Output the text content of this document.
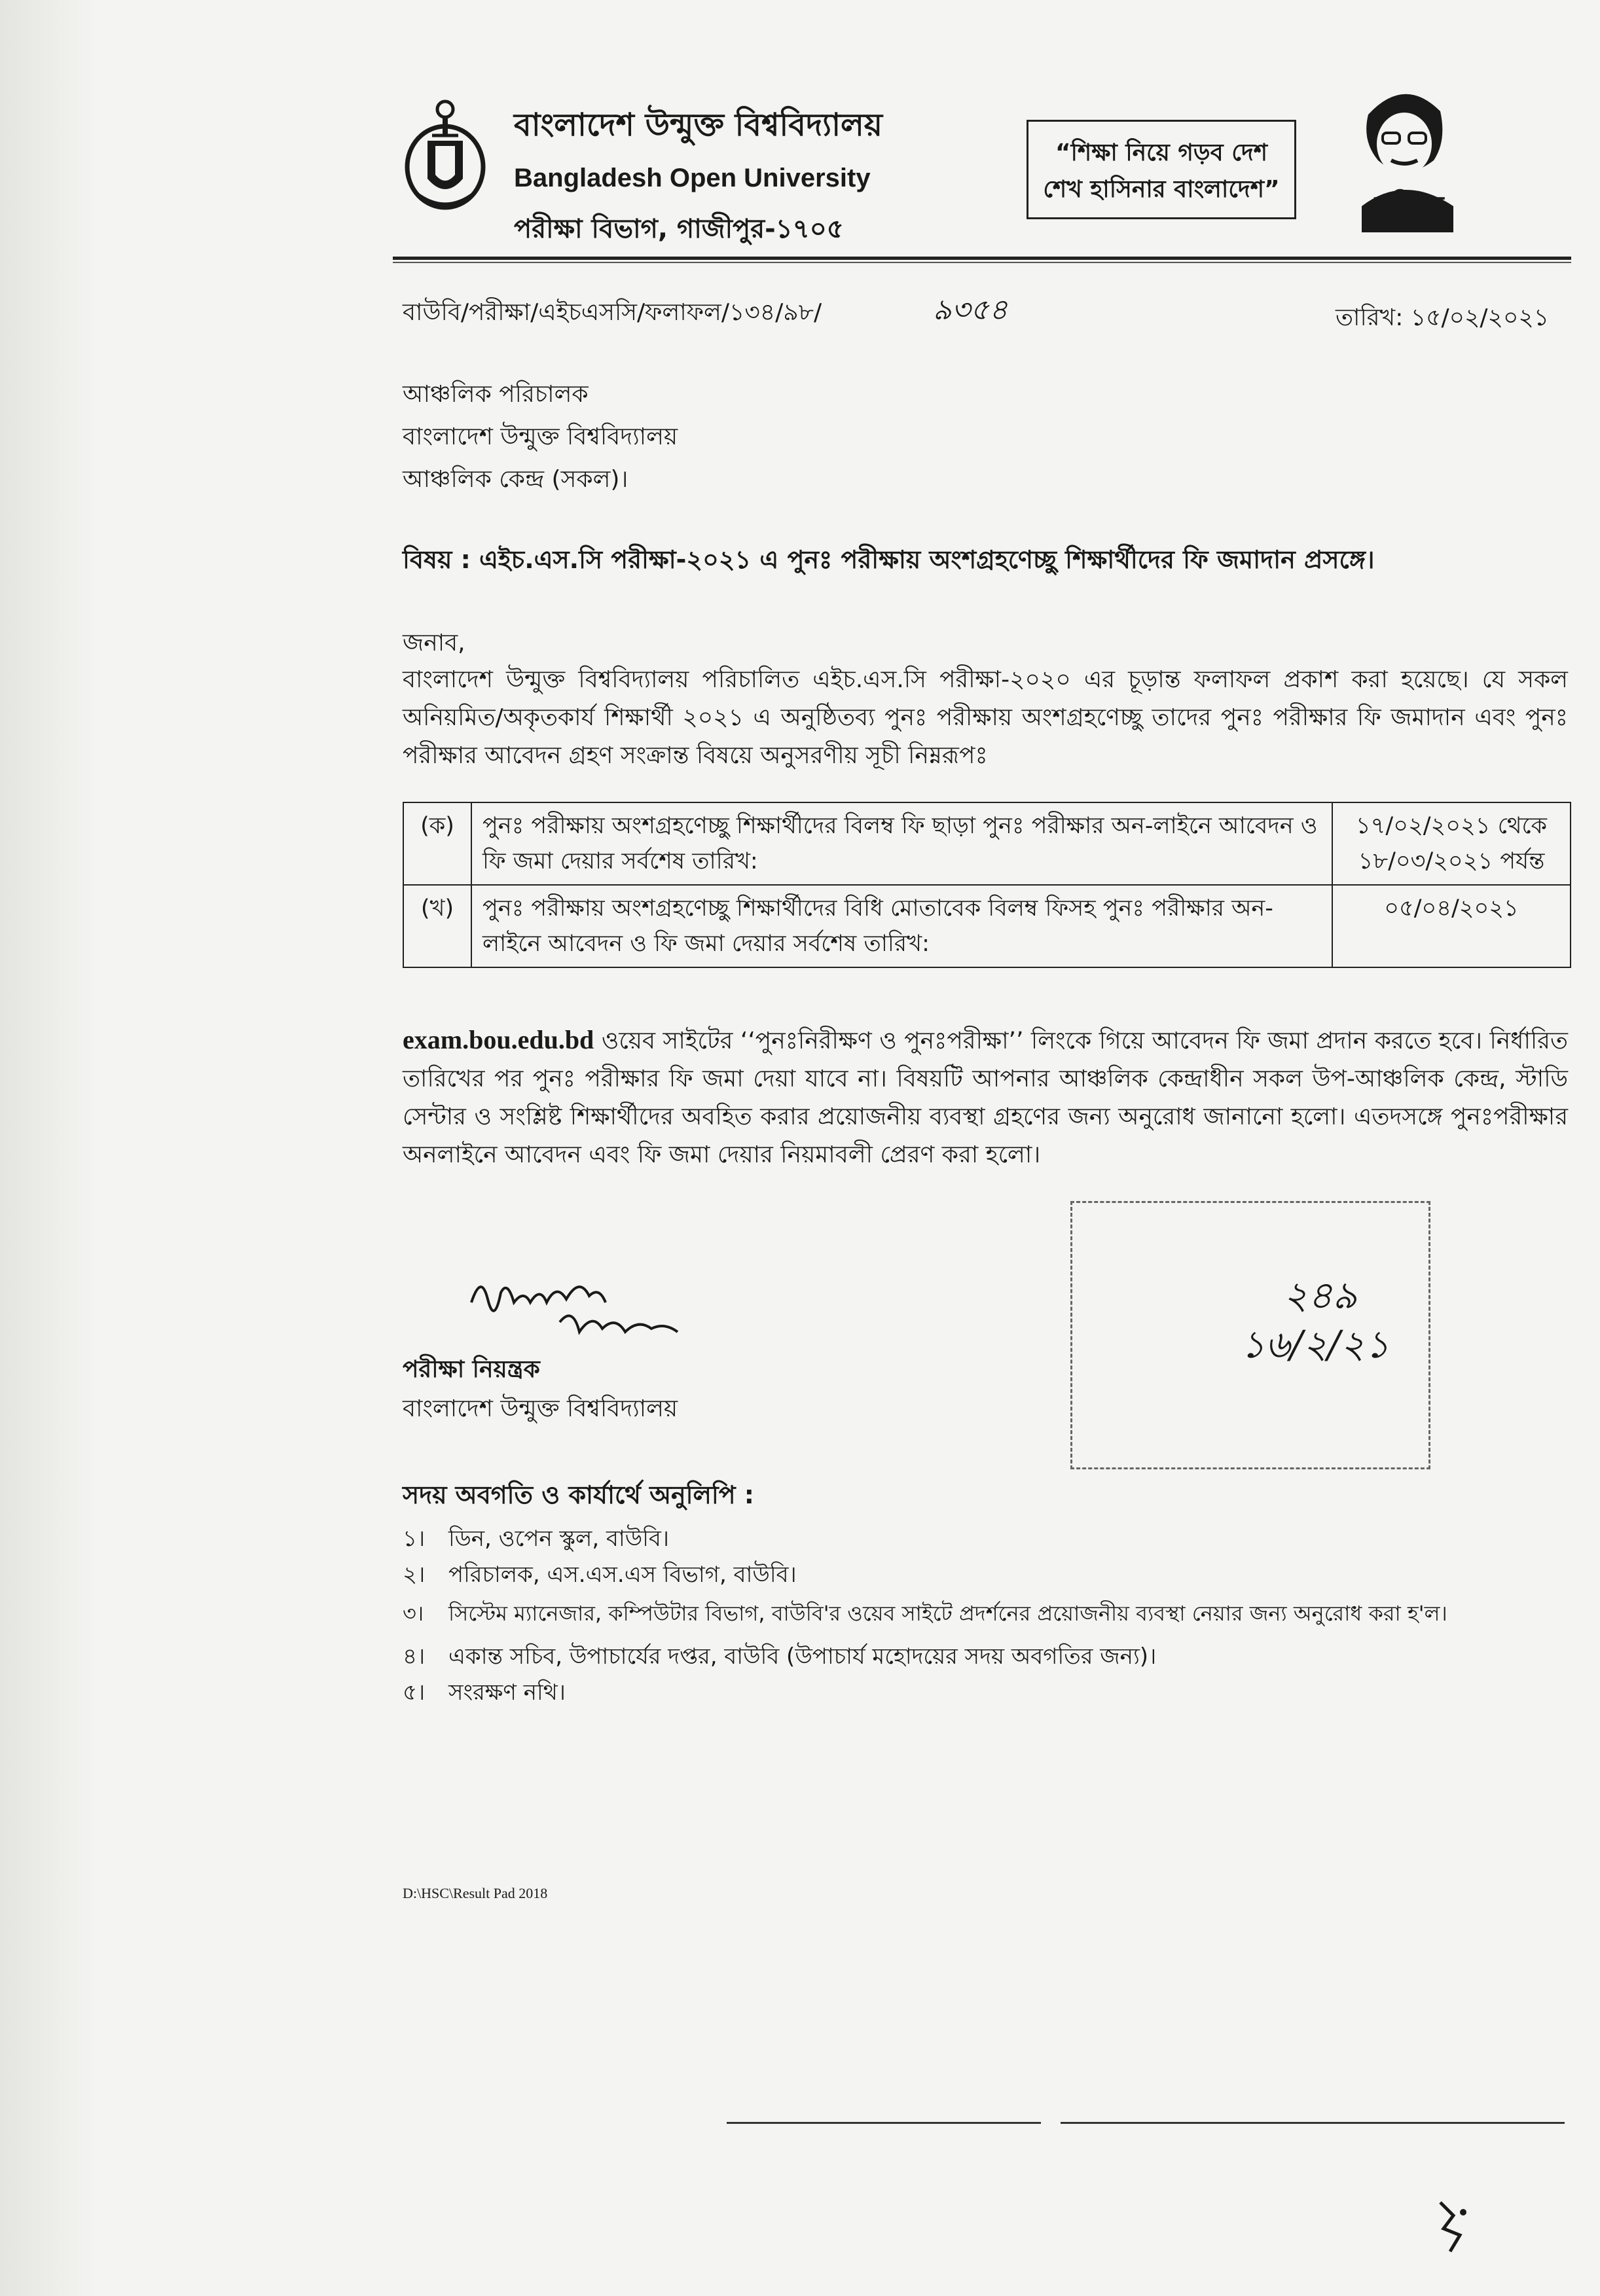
বাংলাদেশ উন্মুক্ত বিশ্ববিদ্যালয়
Bangladesh Open University
পরীক্ষা বিভাগ, গাজীপুর-১৭০৫
“শিক্ষা নিয়ে গড়ব দেশ
শেখ হাসিনার বাংলাদেশ”	মুজিব
বাউবি/পরীক্ষা/এইচএসসি/ফলাফল/১৩৪/৯৮/	৯৩৫৪	তারিখ: ১৫/০২/২০২১
আঞ্চলিক পরিচালক
বাংলাদেশ উন্মুক্ত বিশ্ববিদ্যালয়
আঞ্চলিক কেন্দ্র (সকল)।
বিষয় : এইচ.এস.সি পরীক্ষা-২০২১ এ পুনঃ পরীক্ষায় অংশগ্রহণেচ্ছু শিক্ষার্থীদের ফি জমাদান প্রসঙ্গে।
জনাব,
বাংলাদেশ উন্মুক্ত বিশ্ববিদ্যালয় পরিচালিত এইচ.এস.সি পরীক্ষা-২০২০ এর চূড়ান্ত ফলাফল প্রকাশ করা হয়েছে। যে সকল অনিয়মিত/অকৃতকার্য শিক্ষার্থী ২০২১ এ অনুষ্ঠিতব্য পুনঃ পরীক্ষায় অংশগ্রহণেচ্ছু তাদের পুনঃ পরীক্ষার ফি জমাদান এবং পুনঃ পরীক্ষার আবেদন গ্রহণ সংক্রান্ত বিষয়ে অনুসরণীয় সূচী নিম্নরূপঃ
(ক)	পুনঃ পরীক্ষায় অংশগ্রহণেচ্ছু শিক্ষার্থীদের বিলম্ব ফি ছাড়া পুনঃ পরীক্ষার অন-লাইনে আবেদন ও ফি জমা দেয়ার সর্বশেষ তারিখ:	১৭/০২/২০২১ থেকে
১৮/০৩/২০২১ পর্যন্ত

(খ)	পুনঃ পরীক্ষায় অংশগ্রহণেচ্ছু শিক্ষার্থীদের বিধি মোতাবেক বিলম্ব ফিসহ পুনঃ পরীক্ষার অন-লাইনে আবেদন ও ফি জমা দেয়ার সর্বশেষ তারিখ:	০৫/০৪/২০২১
exam.bou.edu.bd ওয়েব সাইটের ‘‘পুনঃনিরীক্ষণ ও পুনঃপরীক্ষা’’ লিংকে গিয়ে আবেদন ফি জমা প্রদান করতে হবে। নির্ধারিত তারিখের পর পুনঃ পরীক্ষার ফি জমা দেয়া যাবে না। বিষয়টি আপনার আঞ্চলিক কেন্দ্রাধীন সকল উপ-আঞ্চলিক কেন্দ্র, স্টাডি সেন্টার ও সংশ্লিষ্ট শিক্ষার্থীদের অবহিত করার প্রয়োজনীয় ব্যবস্থা গ্রহণের জন্য অনুরোধ জানানো হলো। এতদসঙ্গে পুনঃপরীক্ষার অনলাইনে আবেদন এবং ফি জমা দেয়ার নিয়মাবলী প্রেরণ করা হলো।
পরীক্ষা নিয়ন্ত্রক
বাংলাদেশ উন্মুক্ত বিশ্ববিদ্যালয়
২৪৯
১৬/২/২১
সদয় অবগতি ও কার্যার্থে অনুলিপি :
১। ডিন, ওপেন স্কুল, বাউবি।
২। পরিচালক, এস.এস.এস বিভাগ, বাউবি।
৩। সিস্টেম ম্যানেজার, কম্পিউটার বিভাগ, বাউবি'র ওয়েব সাইটে প্রদর্শনের প্রয়োজনীয় ব্যবস্থা নেয়ার জন্য অনুরোধ করা হ'ল।
৪। একান্ত সচিব, উপাচার্যের দপ্তর, বাউবি (উপাচার্য মহোদয়ের সদয় অবগতির জন্য)।
৫। সংরক্ষণ নথি।
D:\HSC\Result Pad 2018
